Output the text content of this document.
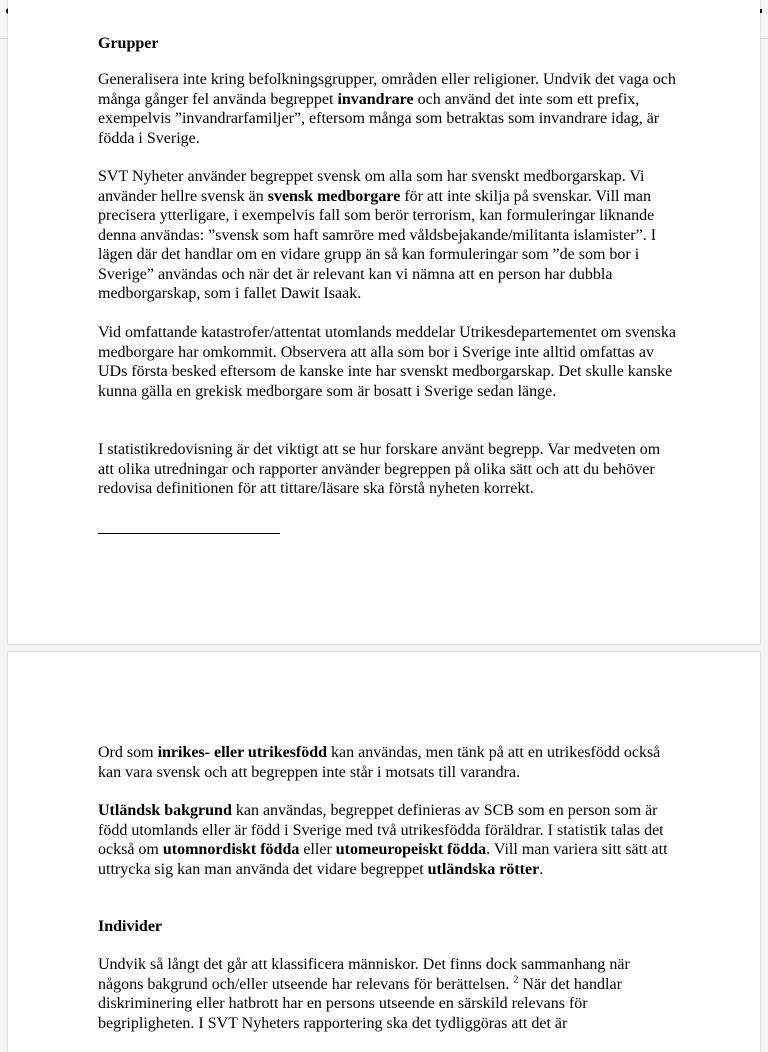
Grupper

Generalisera inte kring befolkningsgrupper, områden eller religioner. Undvik det vaga och många gånger fel använda begreppet invandrare och använd det inte som ett prefix, exempelvis ”invandrarfamiljer”, eftersom många som betraktas som invandrare idag, är födda i Sverige.

SVT Nyheter använder begreppet svensk om alla som har svenskt medborgarskap. Vi använder hellre svensk än svensk medborgare för att inte skilja på svenskar. Vill man precisera ytterligare, i exempelvis fall som berör terrorism, kan formuleringar liknande denna användas: ”svensk som haft samröre med våldsbejakande/militanta islamister”. I lägen där det handlar om en vidare grupp än så kan formuleringar som ”de som bor i Sverige” användas och när det är relevant kan vi nämna att en person har dubbla medborgarskap, som i fallet Dawit Isaak.

Vid omfattande katastrofer/attentat utomlands meddelar Utrikesdepartementet om svenska medborgare har omkommit. Observera att alla som bor i Sverige inte alltid omfattas av UDs första besked eftersom de kanske inte har svenskt medborgarskap. Det skulle kanske kunna gälla en grekisk medborgare som är bosatt i Sverige sedan länge.

I statistikredovisning är det viktigt att se hur forskare använt begrepp. Var medveten om att olika utredningar och rapporter använder begreppen på olika sätt och att du behöver redovisa definitionen för att tittare/läsare ska förstå nyheten korrekt.

Ord som inrikes- eller utrikesfödd kan användas, men tänk på att en utrikesfödd också kan vara svensk och att begreppen inte står i motsats till varandra.

Utländsk bakgrund kan användas, begreppet definieras av SCB som en person som är född utomlands eller är född i Sverige med två utrikesfödda föräldrar. I statistik talas det också om utomnordiskt födda eller utomeuropeiskt födda. Vill man variera sitt sätt att uttrycka sig kan man använda det vidare begreppet utländska rötter.

Individer

Undvik så långt det går att klassificera människor. Det finns dock sammanhang när någons bakgrund och/eller utseende har relevans för berättelsen. $^2$ När det handlar diskriminering eller hatbrott har en persons utseende en särskild relevans för begripligheten. I SVT Nyheters rapportering ska det tydliggöras att det är
